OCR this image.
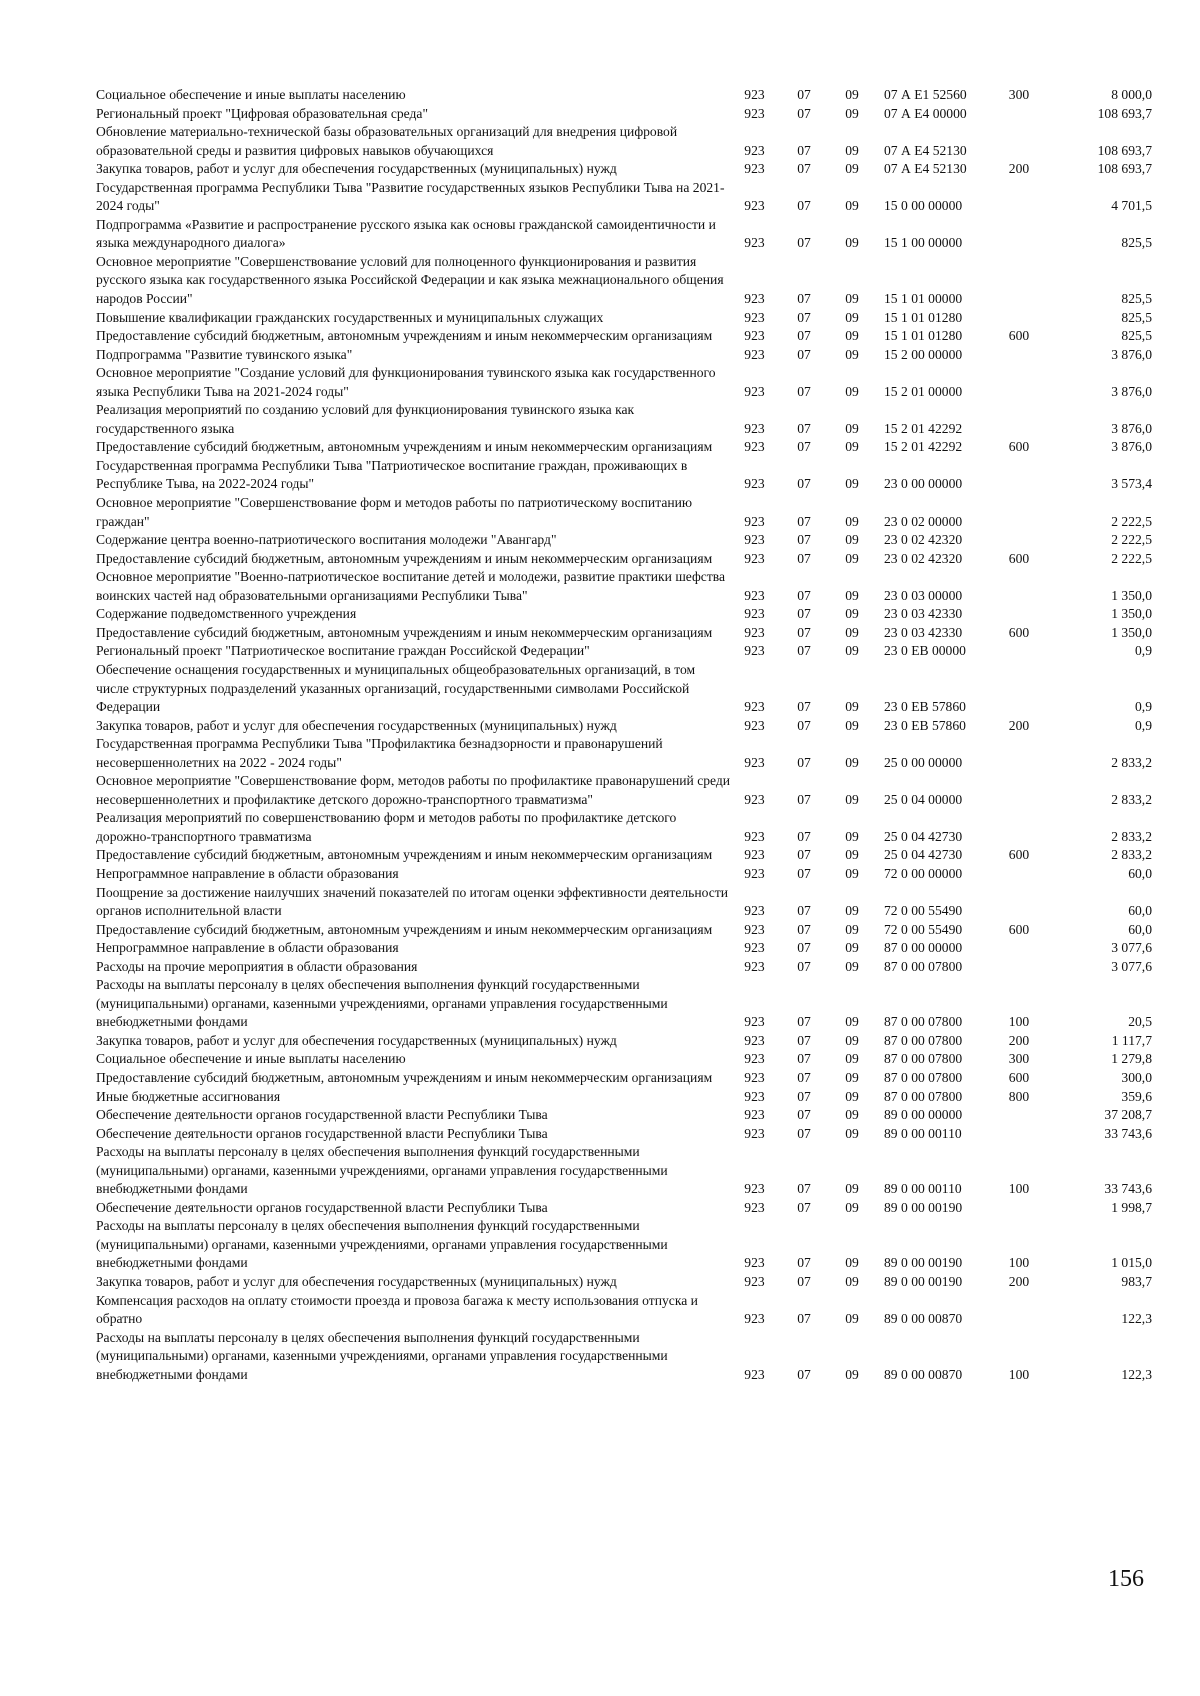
Социальное обеспечение и иные выплаты населению	923	07	09	07 А Е1 52560	300	8 000,0
Региональный проект "Цифровая образовательная среда"	923	07	09	07 А Е4 00000		108 693,7
Обновление материально-технической базы образовательных организаций для внедрения цифровой образовательной среды и развития цифровых навыков обучающихся	923	07	09	07 А Е4 52130		108 693,7
Закупка товаров, работ и услуг для обеспечения государственных (муниципальных) нужд	923	07	09	07 А Е4 52130	200	108 693,7
Государственная программа Республики Тыва "Развитие государственных языков Республики Тыва на 2021-2024 годы"	923	07	09	15 0 00 00000		4 701,5
Подпрограмма «Развитие и распространение русского языка как основы гражданской самоидентичности и языка международного диалога»	923	07	09	15 1 00 00000		825,5
Основное мероприятие "Совершенствование условий для полноценного функционирования и развития русского языка как государственного языка Российской Федерации и как языка межнационального общения народов России"	923	07	09	15 1 01 00000		825,5
Повышение квалификации гражданских государственных и муниципальных служащих	923	07	09	15 1 01 01280		825,5
Предоставление субсидий бюджетным, автономным учреждениям и иным некоммерческим организациям	923	07	09	15 1 01 01280	600	825,5
Подпрограмма "Развитие тувинского языка"	923	07	09	15 2 00 00000		3 876,0
Основное мероприятие "Создание условий для функционирования тувинского языка как государственного языка Республики Тыва на 2021-2024 годы"	923	07	09	15 2 01 00000		3 876,0
Реализация мероприятий по созданию условий для функционирования тувинского языка как государственного языка	923	07	09	15 2 01 42292		3 876,0
Предоставление субсидий бюджетным, автономным учреждениям и иным некоммерческим организациям	923	07	09	15 2 01 42292	600	3 876,0
Государственная программа Республики Тыва "Патриотическое воспитание граждан, проживающих в Республике Тыва, на 2022-2024 годы"	923	07	09	23 0 00 00000		3 573,4
Основное мероприятие "Совершенствование форм и методов работы по патриотическому воспитанию граждан"	923	07	09	23 0 02 00000		2 222,5
Содержание центра военно-патриотического воспитания молодежи "Авангард"	923	07	09	23 0 02 42320		2 222,5
Предоставление субсидий бюджетным, автономным учреждениям и иным некоммерческим организациям	923	07	09	23 0 02 42320	600	2 222,5
Основное мероприятие "Военно-патриотическое воспитание детей и молодежи, развитие практики шефства воинских частей над образовательными организациями Республики Тыва"	923	07	09	23 0 03 00000		1 350,0
Содержание подведомственного учреждения	923	07	09	23 0 03 42330		1 350,0
Предоставление субсидий бюджетным, автономным учреждениям и иным некоммерческим организациям	923	07	09	23 0 03 42330	600	1 350,0
Региональный проект "Патриотическое воспитание граждан Российской Федерации"	923	07	09	23 0 ЕВ 00000		0,9
Обеспечение оснащения государственных и муниципальных общеобразовательных организаций, в том числе структурных подразделений указанных организаций, государственными символами Российской Федерации	923	07	09	23 0 ЕВ 57860		0,9
Закупка товаров, работ и услуг для обеспечения государственных (муниципальных) нужд	923	07	09	23 0 ЕВ 57860	200	0,9
Государственная программа Республики Тыва "Профилактика безнадзорности и правонарушений несовершеннолетних на 2022 - 2024 годы"	923	07	09	25 0 00 00000		2 833,2
Основное мероприятие "Совершенствование форм, методов работы по профилактике правонарушений среди несовершеннолетних и профилактике детского дорожно-транспортного травматизма"	923	07	09	25 0 04 00000		2 833,2
Реализация мероприятий по совершенствованию форм и методов работы по профилактике детского дорожно-транспортного травматизма	923	07	09	25 0 04 42730		2 833,2
Предоставление субсидий бюджетным, автономным учреждениям и иным некоммерческим организациям	923	07	09	25 0 04 42730	600	2 833,2
Непрограммное направление в области образования	923	07	09	72 0 00 00000		60,0
Поощрение за достижение наилучших значений показателей по итогам оценки эффективности деятельности органов исполнительной власти	923	07	09	72 0 00 55490		60,0
Предоставление субсидий бюджетным, автономным учреждениям и иным некоммерческим организациям	923	07	09	72 0 00 55490	600	60,0
Непрограммное направление в области образования	923	07	09	87 0 00 00000		3 077,6
Расходы на прочие мероприятия в области образования	923	07	09	87 0 00 07800		3 077,6
Расходы на выплаты персоналу в целях обеспечения выполнения функций государственными (муниципальными) органами, казенными учреждениями, органами управления государственными внебюджетными фондами	923	07	09	87 0 00 07800	100	20,5
Закупка товаров, работ и услуг для обеспечения государственных (муниципальных) нужд	923	07	09	87 0 00 07800	200	1 117,7
Социальное обеспечение и иные выплаты населению	923	07	09	87 0 00 07800	300	1 279,8
Предоставление субсидий бюджетным, автономным учреждениям и иным некоммерческим организациям	923	07	09	87 0 00 07800	600	300,0
Иные бюджетные ассигнования	923	07	09	87 0 00 07800	800	359,6
Обеспечение деятельности органов государственной власти Республики Тыва	923	07	09	89 0 00 00000		37 208,7
Обеспечение деятельности органов государственной власти Республики Тыва	923	07	09	89 0 00 00110		33 743,6
Расходы на выплаты персоналу в целях обеспечения выполнения функций государственными (муниципальными) органами, казенными учреждениями, органами управления государственными внебюджетными фондами	923	07	09	89 0 00 00110	100	33 743,6
Обеспечение деятельности органов государственной власти Республики Тыва	923	07	09	89 0 00 00190		1 998,7
Расходы на выплаты персоналу в целях обеспечения выполнения функций государственными (муниципальными) органами, казенными учреждениями, органами управления государственными внебюджетными фондами	923	07	09	89 0 00 00190	100	1 015,0
Закупка товаров, работ и услуг для обеспечения государственных (муниципальных) нужд	923	07	09	89 0 00 00190	200	983,7
Компенсация расходов на оплату стоимости проезда и провоза багажа к месту использования отпуска и обратно	923	07	09	89 0 00 00870		122,3
Расходы на выплаты персоналу в целях обеспечения выполнения функций государственными (муниципальными) органами, казенными учреждениями, органами управления государственными внебюджетными фондами	923	07	09	89 0 00 00870	100	122,3
156
